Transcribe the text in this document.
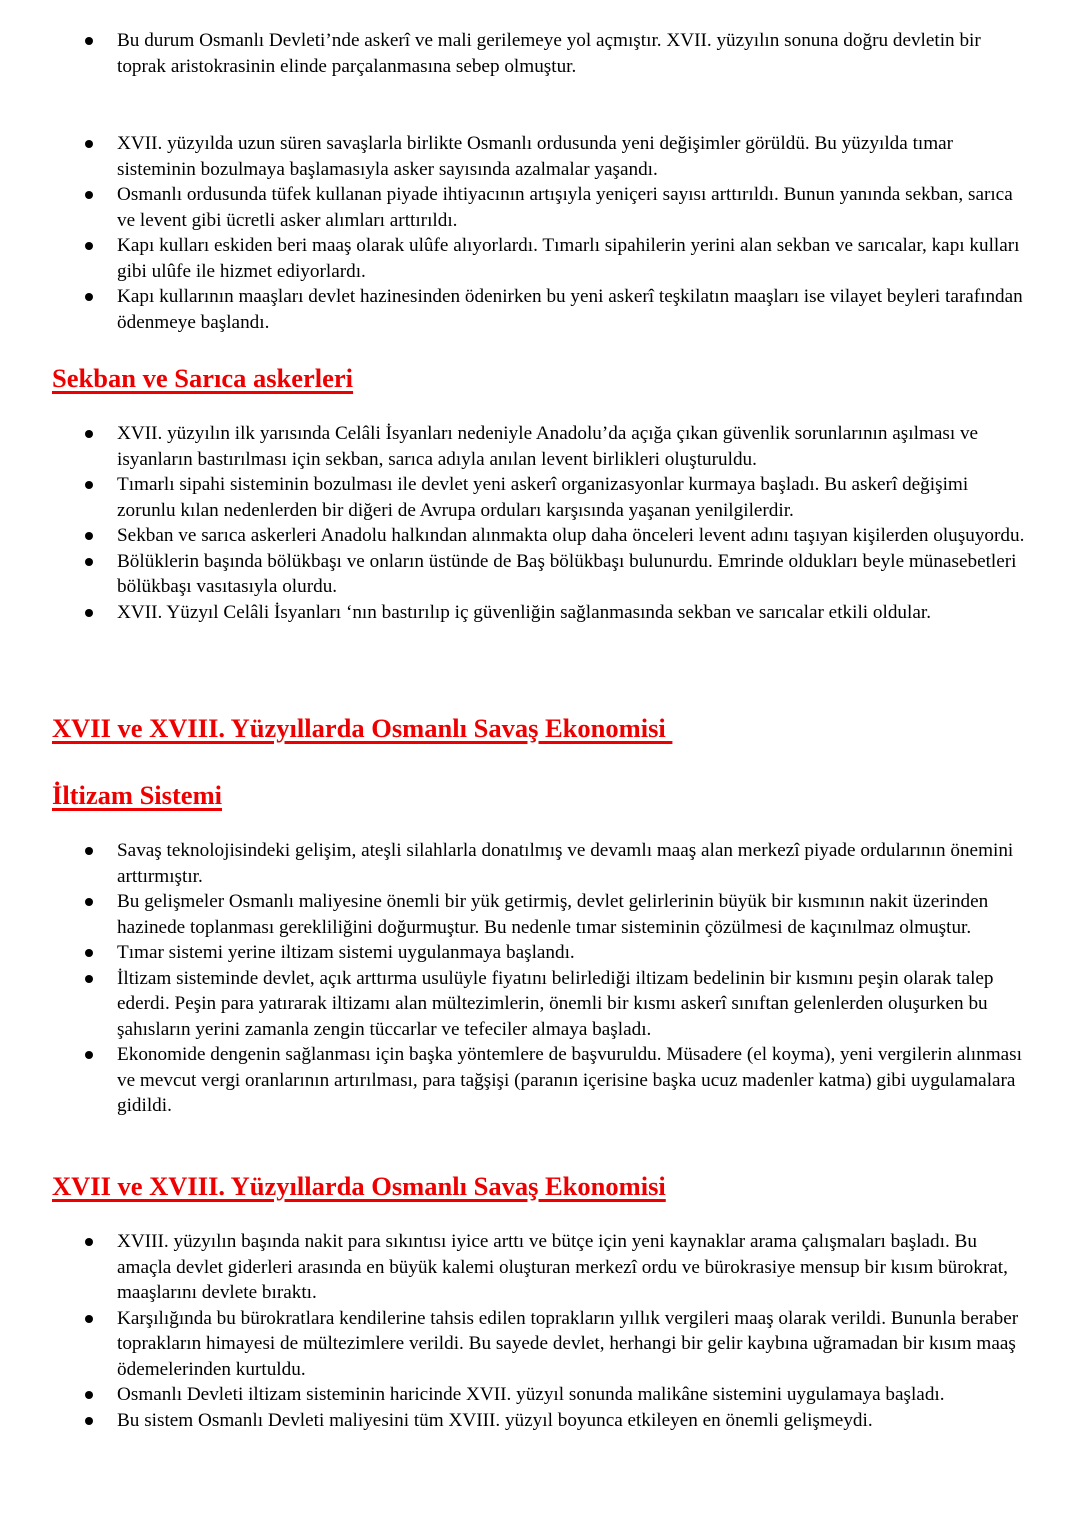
Bu durum Osmanlı Devleti’nde askerî ve mali gerilemeye yol açmıştır. XVII. yüzyılın sonuna doğru devletin bir toprak aristokrasinin elinde parçalanmasına sebep olmuştur.
XVII. yüzyılda uzun süren savaşlarla birlikte Osmanlı ordusunda yeni değişimler görüldü. Bu yüzyılda tımar sisteminin bozulmaya başlamasıyla asker sayısında azalmalar yaşandı.
Osmanlı ordusunda tüfek kullanan piyade ihtiyacının artışıyla yeniçeri sayısı arttırıldı. Bunun yanında sekban, sarıca ve levent gibi ücretli asker alımları arttırıldı.
Kapı kulları eskiden beri maaş olarak ulûfe alıyorlardı. Tımarlı sipahilerin yerini alan sekban ve sarıcalar, kapı kulları gibi ulûfe ile hizmet ediyorlardı.
Kapı kullarının maaşları devlet hazinesinden ödenirken bu yeni askerî teşkilatın maaşları ise vilayet beyleri tarafından ödenmeye başlandı.
Sekban ve Sarıca askerleri
XVII. yüzyılın ilk yarısında Celâli İsyanları nedeniyle Anadolu’da açığa çıkan güvenlik sorunlarının aşılması ve isyanların bastırılması için sekban, sarıca adıyla anılan levent birlikleri oluşturuldu.
Tımarlı sipahi sisteminin bozulması ile devlet yeni askerî organizasyonlar kurmaya başladı. Bu askerî değişimi zorunlu kılan nedenlerden bir diğeri de Avrupa orduları karşısında yaşanan yenilgilerdir.
Sekban ve sarıca askerleri Anadolu halkından alınmakta olup daha önceleri levent adını taşıyan kişilerden oluşuyordu.
Bölüklerin başında bölükbaşı ve onların üstünde de Baş bölükbaşı bulunurdu. Emrinde oldukları beyle münasebetleri bölükbaşı vasıtasıyla olurdu.
XVII. Yüzyıl Celâli İsyanları ‘nın bastırılıp iç güvenliğin sağlanmasında sekban ve sarıcalar etkili oldular.
XVII ve XVIII. Yüzyıllarda Osmanlı Savaş Ekonomisi
İltizam Sistemi
Savaş teknolojisindeki gelişim, ateşli silahlarla donatılmış ve devamlı maaş alan merkezî piyade ordularının önemini arttırmıştır.
Bu gelişmeler Osmanlı maliyesine önemli bir yük getirmiş, devlet gelirlerinin büyük bir kısmının nakit üzerinden hazinede toplanması gerekliliğini doğurmuştur. Bu nedenle tımar sisteminin çözülmesi de kaçınılmaz olmuştur.
Tımar sistemi yerine iltizam sistemi uygulanmaya başlandı.
İltizam sisteminde devlet, açık arttırma usulüyle fiyatını belirlediği iltizam bedelinin bir kısmını peşin olarak talep ederdi. Peşin para yatırarak iltizamı alan mültezimlerin, önemli bir kısmı askerî sınıftan gelenlerden oluşurken bu şahısların yerini zamanla zengin tüccarlar ve tefeciler almaya başladı.
Ekonomide dengenin sağlanması için başka yöntemlere de başvuruldu. Müsadere (el koyma), yeni vergilerin alınması ve mevcut vergi oranlarının artırılması, para tağşişi (paranın içerisine başka ucuz madenler katma) gibi uygulamalara gidildi.
XVII ve XVIII. Yüzyıllarda Osmanlı Savaş Ekonomisi
XVIII. yüzyılın başında nakit para sıkıntısı iyice arttı ve bütçe için yeni kaynaklar arama çalışmaları başladı. Bu amaçla devlet giderleri arasında en büyük kalemi oluşturan merkezî ordu ve bürokrasiye mensup bir kısım bürokrat, maaşlarını devlete bıraktı.
Karşılığında bu bürokratlara kendilerine tahsis edilen toprakların yıllık vergileri maaş olarak verildi. Bununla beraber toprakların himayesi de mültezimlere verildi. Bu sayede devlet, herhangi bir gelir kaybına uğramadan bir kısım maaş ödemelerinden kurtuldu.
Osmanlı Devleti iltizam sisteminin haricinde XVII. yüzyıl sonunda malikâne sistemini uygulamaya başladı.
Bu sistem Osmanlı Devleti maliyesini tüm XVIII. yüzyıl boyunca etkileyen en önemli gelişmeydi.
